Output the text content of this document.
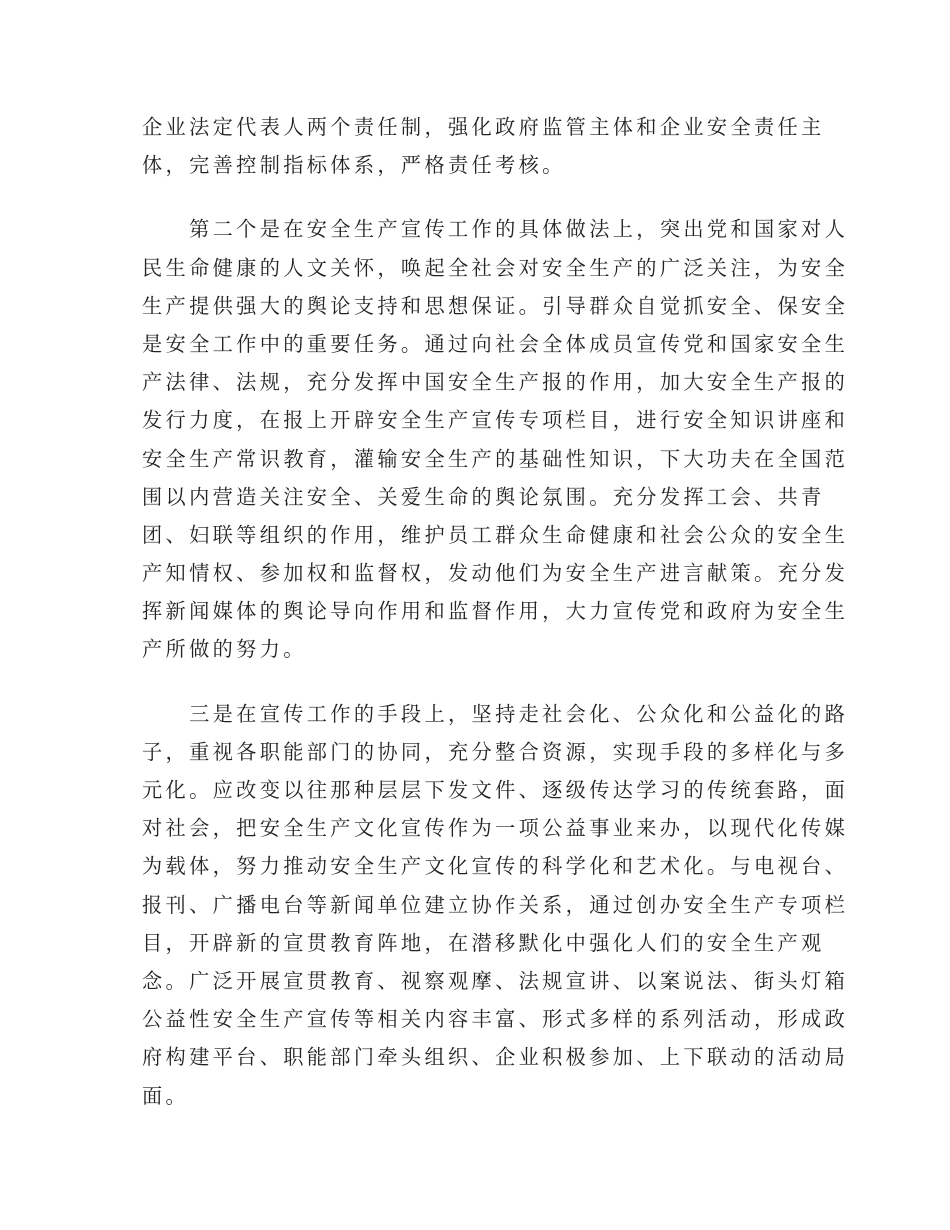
企业法定代表人两个责任制，强化政府监管主体和企业安全责任主
体，完善控制指标体系，严格责任考核。
　　第二个是在安全生产宣传工作的具体做法上，突出党和国家对人
民生命健康的人文关怀，唤起全社会对安全生产的广泛关注，为安全
生产提供强大的舆论支持和思想保证。引导群众自觉抓安全、保安全
是安全工作中的重要任务。通过向社会全体成员宣传党和国家安全生
产法律、法规，充分发挥中国安全生产报的作用，加大安全生产报的
发行力度，在报上开辟安全生产宣传专项栏目，进行安全知识讲座和
安全生产常识教育，灌输安全生产的基础性知识，下大功夫在全国范
围以内营造关注安全、关爱生命的舆论氛围。充分发挥工会、共青
团、妇联等组织的作用，维护员工群众生命健康和社会公众的安全生
产知情权、参加权和监督权，发动他们为安全生产进言献策。充分发
挥新闻媒体的舆论导向作用和监督作用，大力宣传党和政府为安全生
产所做的努力。
　　三是在宣传工作的手段上，坚持走社会化、公众化和公益化的路
子，重视各职能部门的协同，充分整合资源，实现手段的多样化与多
元化。应改变以往那种层层下发文件、逐级传达学习的传统套路，面
对社会，把安全生产文化宣传作为一项公益事业来办，以现代化传媒
为载体，努力推动安全生产文化宣传的科学化和艺术化。与电视台、
报刊、广播电台等新闻单位建立协作关系，通过创办安全生产专项栏
目，开辟新的宣贯教育阵地，在潜移默化中强化人们的安全生产观
念。广泛开展宣贯教育、视察观摩、法规宣讲、以案说法、街头灯箱
公益性安全生产宣传等相关内容丰富、形式多样的系列活动，形成政
府构建平台、职能部门牵头组织、企业积极参加、上下联动的活动局
面。
